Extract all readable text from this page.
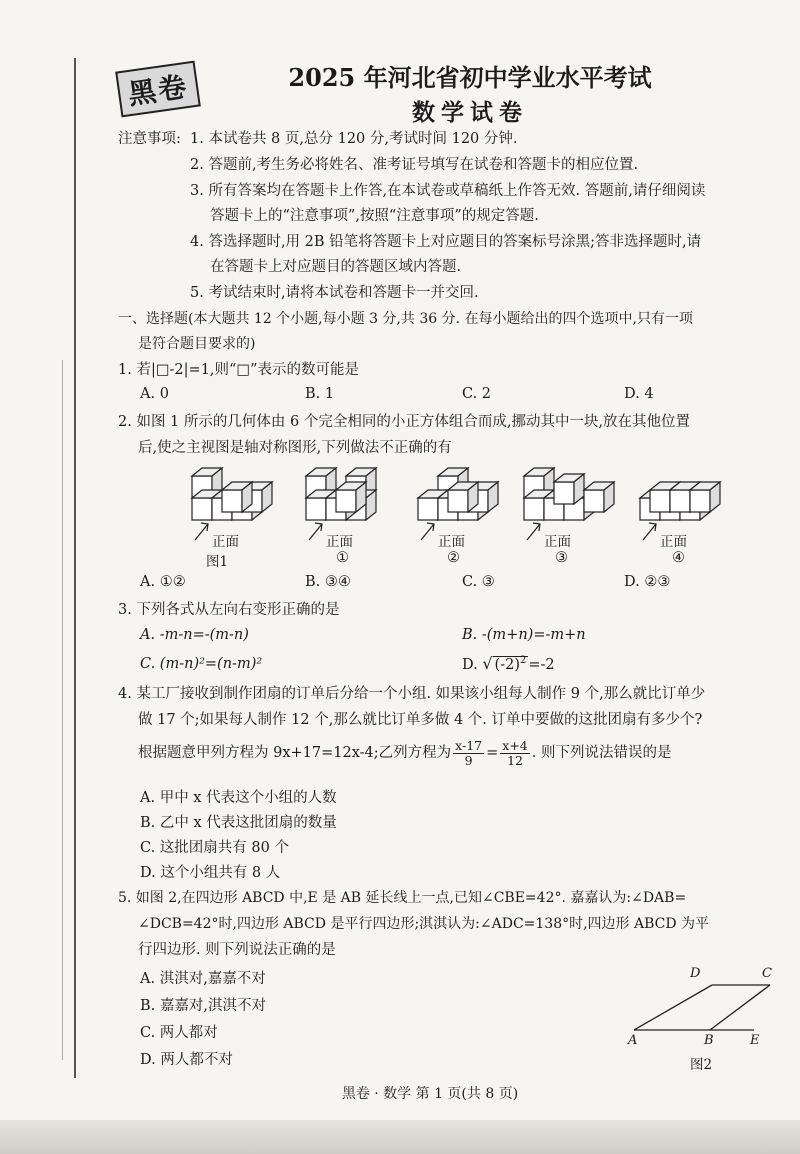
黑卷	2025 年河北省初中学业水平考试
数学试卷
注意事项: 1. 本试卷共 8 页,总分 120 分,考试时间 120 分钟.
2. 答题前,考生务必将姓名、准考证号填写在试卷和答题卡的相应位置.
3. 所有答案均在答题卡上作答,在本试卷或草稿纸上作答无效. 答题前,请仔细阅读
答题卡上的“注意事项”,按照“注意事项”的规定答题.
4. 答选择题时,用 2B 铅笔将答题卡上对应题目的答案标号涂黑;答非选择题时,请
在答题卡上对应题目的答题区域内答题.
5. 考试结束时,请将本试卷和答题卡一并交回.
一、选择题(本大题共 12 个小题,每小题 3 分,共 36 分. 在每小题给出的四个选项中,只有一项
是符合题目要求的)
1. 若|□-2|=1,则“□”表示的数可能是
A. 0	B. 1	C. 2	D. 4
2. 如图 1 所示的几何体由 6 个完全相同的小正方体组合而成,挪动其中一块,放在其他位置
后,使之主视图是轴对称图形,下列做法不正确的有
正面	正面	正面	正面	正面
图1	①	②	③	④
A. ①②	B. ③④	C. ③	D. ②③
3. 下列各式从左向右变形正确的是
A. -m-n=-(m-n)	B. -(m+n)=-m+n
C. (m-n)²=(n-m)²	D. √ $(-2)^2 =-2$
4. 某工厂接收到制作团扇的订单后分给一个小组. 如果该小组每人制作 9 个,那么就比订单少
做 17 个;如果每人制作 12 个,那么就比订单多做 4 个. 订单中要做的这批团扇有多少个?
根据题意甲列方程为 9x+17=12x-4;乙列方程为 $\frac{x-17}{9} = \frac{x+4}{12}$ . 则下列说法错误的是
A. 甲中 x 代表这个小组的人数
B. 乙中 x 代表这批团扇的数量
C. 这批团扇共有 80 个
D. 这个小组共有 8 人
5. 如图 2,在四边形 ABCD 中,E 是 AB 延长线上一点,已知∠CBE=42°. 嘉嘉认为:∠DAB=
∠DCB=42°时,四边形 ABCD 是平行四边形;淇淇认为:∠ADC=138°时,四边形 ABCD 为平
行四边形. 则下列说法正确的是
A. 淇淇对,嘉嘉不对
B. 嘉嘉对,淇淇不对
C. 两人都对
D. 两人都不对
D	C
A	B	E
图2
黑卷 · 数学 第 1 页(共 8 页)
